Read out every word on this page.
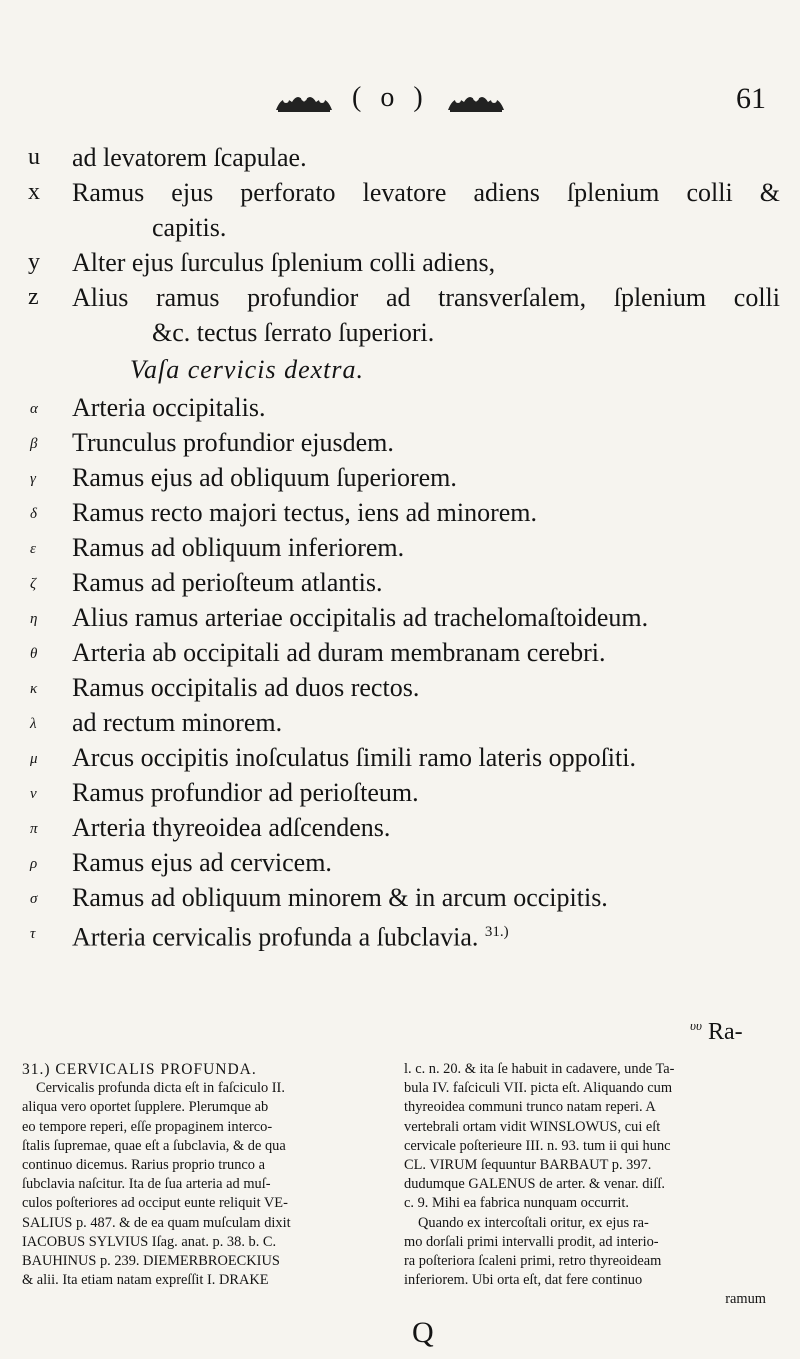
( o )	61
u	ad levatorem ſcapulae.
x	Ramus ejus perforato levatore adiens ſplenium colli &
capitis.
y	Alter ejus ſurculus ſplenium colli adiens,
z	Alius ramus profundior ad transverſalem, ſplenium colli
&c. tectus ſerrato ſuperiori.
Vaſa cervicis dextra.
α	Arteria occipitalis.
β	Trunculus profundior ejusdem.
γ	Ramus ejus ad obliquum ſuperiorem.
δ	Ramus recto majori tectus, iens ad minorem.
ε	Ramus ad obliquum inferiorem.
ζ	Ramus ad perioſteum atlantis.
η	Alius ramus arteriae occipitalis ad trachelomaſtoideum.
θ	Arteria ab occipitali ad duram membranam cerebri.
κ	Ramus occipitalis ad duos rectos.
λ	ad rectum minorem.
μ	Arcus occipitis inoſculatus ſimili ramo lateris oppoſiti.
ν	Ramus profundior ad perioſteum.
π	Arteria thyreoidea adſcendens.
ρ	Ramus ejus ad cervicem.
σ	Ramus ad obliquum minorem & in arcum occipitis.
τ	Arteria cervicalis profunda a ſubclavia. $^{31.)}$
$^{\upsilon\upsilon}$ Ra-

31.) CERVICALIS PROFUNDA.

Cervicalis profunda dicta eſt in faſciculo II.

aliqua vero oportet ſupplere. Plerumque ab

eo tempore reperi, eſſe propaginem interco-

ſtalis ſupremae, quae eſt a ſubclavia, & de qua

continuo dicemus. Rarius proprio trunco a

ſubclavia naſcitur. Ita de ſua arteria ad muſ-

culos poſteriores ad occiput eunte reliquit VE-

SALIUS p. 487. & de ea quam muſculam dixit

IACOBUS SYLVIUS Iſag. anat. p. 38. b. C.

BAUHINUS p. 239. DIEMERBROECKIUS

& alii. Ita etiam natam expreſſit I. DRAKE

l. c. n. 20. & ita ſe habuit in cadavere, unde Ta-

bula IV. faſciculi VII. picta eſt. Aliquando cum

thyreoidea communi trunco natam reperi. A

vertebrali ortam vidit WINSLOWUS, cui eſt

cervicale poſterieure III. n. 93. tum ii qui hunc

CL. VIRUM ſequuntur BARBAUT p. 397.

dudumque GALENUS de arter. & venar. diſſ.

c. 9. Mihi ea fabrica nunquam occurrit.

Quando ex intercoſtali oritur, ex ejus ra-

mo dorſali primi intervalli prodit, ad interio-

ra poſteriora ſcaleni primi, retro thyreoideam

inferiorem. Ubi orta eſt, dat fere continuo

ramum

Q
